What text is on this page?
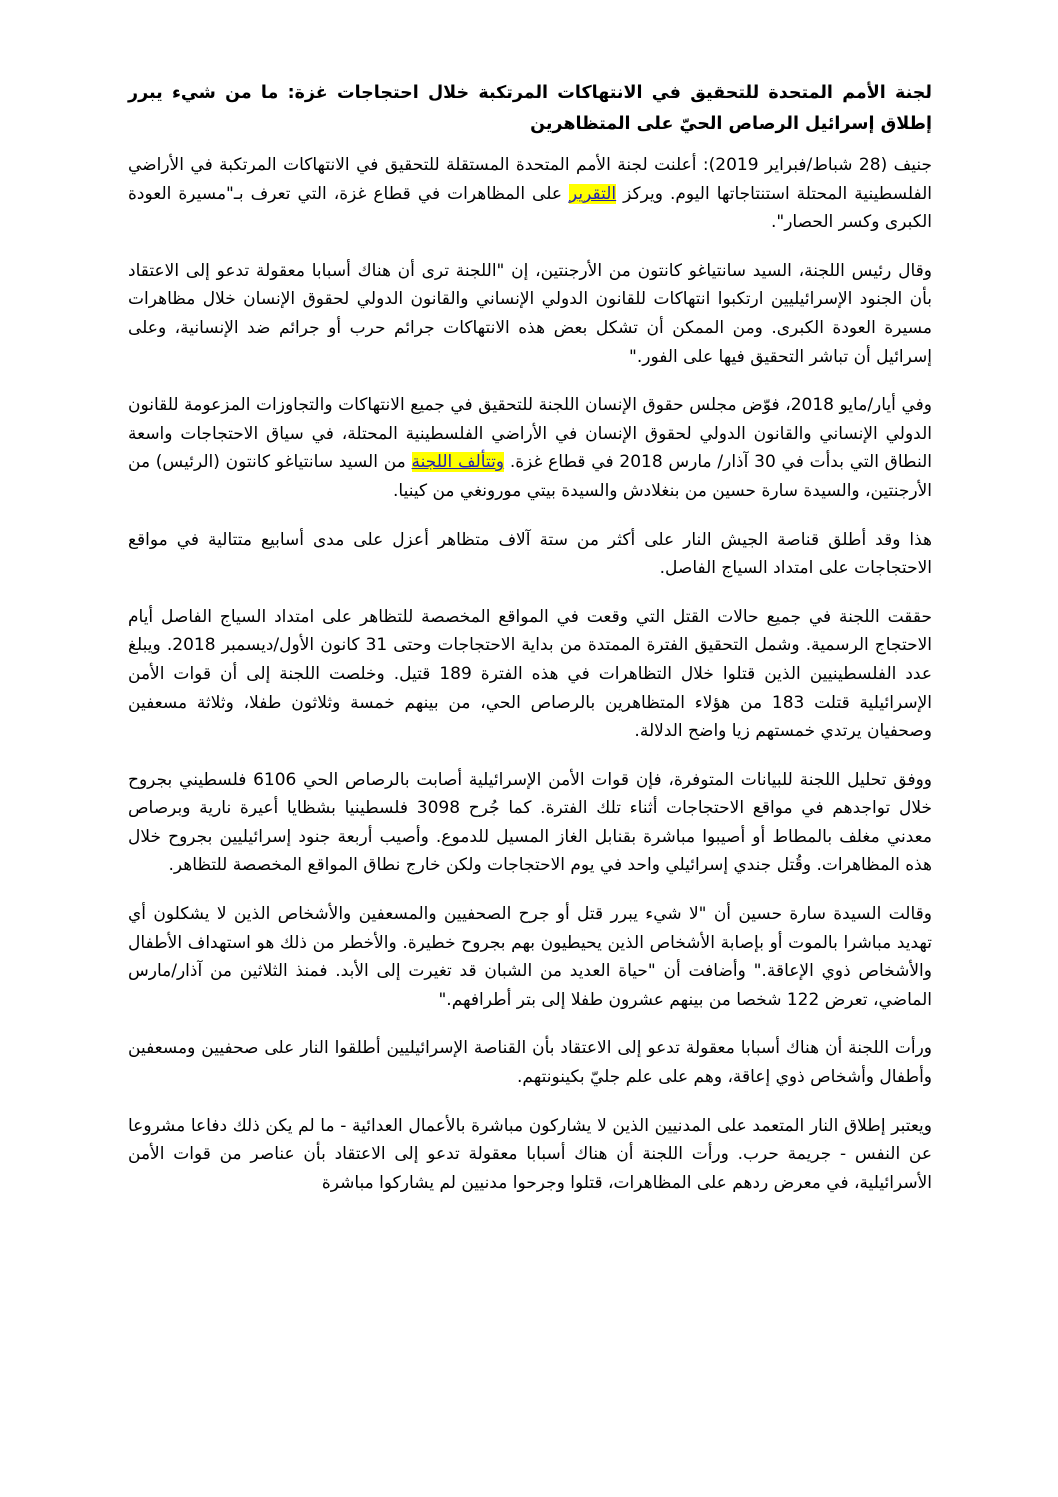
لجنة الأمم المتحدة للتحقيق في الانتهاكات المرتكبة خلال احتجاجات غزة: ما من شيء يبرر إطلاق إسرائيل الرصاص الحيّ على المتظاهرين

جنيف (28 شباط/فبراير 2019): أعلنت لجنة الأمم المتحدة المستقلة للتحقيق في الانتهاكات المرتكبة في الأراضي الفلسطينية المحتلة استنتاجاتها اليوم. ويركز التقرير على المظاهرات في قطاع غزة، التي تعرف بـ"مسيرة العودة الكبرى وكسر الحصار".

وقال رئيس اللجنة، السيد سانتياغو كانتون من الأرجنتين، إن "اللجنة ترى أن هناك أسبابا معقولة تدعو إلى الاعتقاد بأن الجنود الإسرائيليين ارتكبوا انتهاكات للقانون الدولي الإنساني والقانون الدولي لحقوق الإنسان خلال مظاهرات مسيرة العودة الكبرى. ومن الممكن أن تشكل بعض هذه الانتهاكات جرائم حرب أو جرائم ضد الإنسانية، وعلى إسرائيل أن تباشر التحقيق فيها على الفور."

وفي أيار/مايو 2018، فوّض مجلس حقوق الإنسان اللجنة للتحقيق في جميع الانتهاكات والتجاوزات المزعومة للقانون الدولي الإنساني والقانون الدولي لحقوق الإنسان في الأراضي الفلسطينية المحتلة، في سياق الاحتجاجات واسعة النطاق التي بدأت في 30 آذار/ مارس 2018 في قطاع غزة. وتتألف اللجنة من السيد سانتياغو كانتون (الرئيس) من الأرجنتين، والسيدة سارة حسين من بنغلادش والسيدة بيتي مورونغي من كينيا.

هذا وقد أطلق قناصة الجيش النار على أكثر من ستة آلاف متظاهر أعزل على مدى أسابيع متتالية في مواقع الاحتجاجات على امتداد السياج الفاصل.

حققت اللجنة في جميع حالات القتل التي وقعت في المواقع المخصصة للتظاهر على امتداد السياج الفاصل أيام الاحتجاج الرسمية. وشمل التحقيق الفترة الممتدة من بداية الاحتجاجات وحتى 31 كانون الأول/ديسمبر 2018. ويبلغ عدد الفلسطينيين الذين قتلوا خلال التظاهرات في هذه الفترة 189 قتيل. وخلصت اللجنة إلى أن قوات الأمن الإسرائيلية قتلت 183 من هؤلاء المتظاهرين بالرصاص الحي، من بينهم خمسة وثلاثون طفلا، وثلاثة مسعفين وصحفيان يرتدي خمستهم زيا واضح الدلالة.

ووفق تحليل اللجنة للبيانات المتوفرة، فإن قوات الأمن الإسرائيلية أصابت بالرصاص الحي 6106 فلسطيني بجروح خلال تواجدهم في مواقع الاحتجاجات أثناء تلك الفترة. كما جُرح 3098 فلسطينيا بشظايا أعيرة نارية وبرصاص معدني مغلف بالمطاط أو أصيبوا مباشرة بقنابل الغاز المسيل للدموع. وأصيب أربعة جنود إسرائيليين بجروح خلال هذه المظاهرات. وقُتل جندي إسرائيلي واحد في يوم الاحتجاجات ولكن خارج نطاق المواقع المخصصة للتظاهر.

وقالت السيدة سارة حسين أن "لا شيء يبرر قتل أو جرح الصحفيين والمسعفين والأشخاص الذين لا يشكلون أي تهديد مباشرا بالموت أو بإصابة الأشخاص الذين يحيطيون بهم بجروح خطيرة. والأخطر من ذلك هو استهداف الأطفال والأشخاص ذوي الإعاقة." وأضافت أن "حياة العديد من الشبان قد تغيرت إلى الأبد. فمنذ الثلاثين من آذار/مارس الماضي، تعرض 122 شخصا من بينهم عشرون طفلا إلى بتر أطرافهم."

ورأت اللجنة أن هناك أسبابا معقولة تدعو إلى الاعتقاد بأن القناصة الإسرائيليين أطلقوا النار على صحفيين ومسعفين وأطفال وأشخاص ذوي إعاقة، وهم على علم جليّ بكينونتهم.

ويعتبر إطلاق النار المتعمد على المدنيين الذين لا يشاركون مباشرة بالأعمال العدائية - ما لم يكن ذلك دفاعا مشروعا عن النفس - جريمة حرب. ورأت اللجنة أن هناك أسبابا معقولة تدعو إلى الاعتقاد بأن عناصر من قوات الأمن الأسرائيلية، في معرض ردهم على المظاهرات، قتلوا وجرحوا مدنيين لم يشاركوا مباشرة
